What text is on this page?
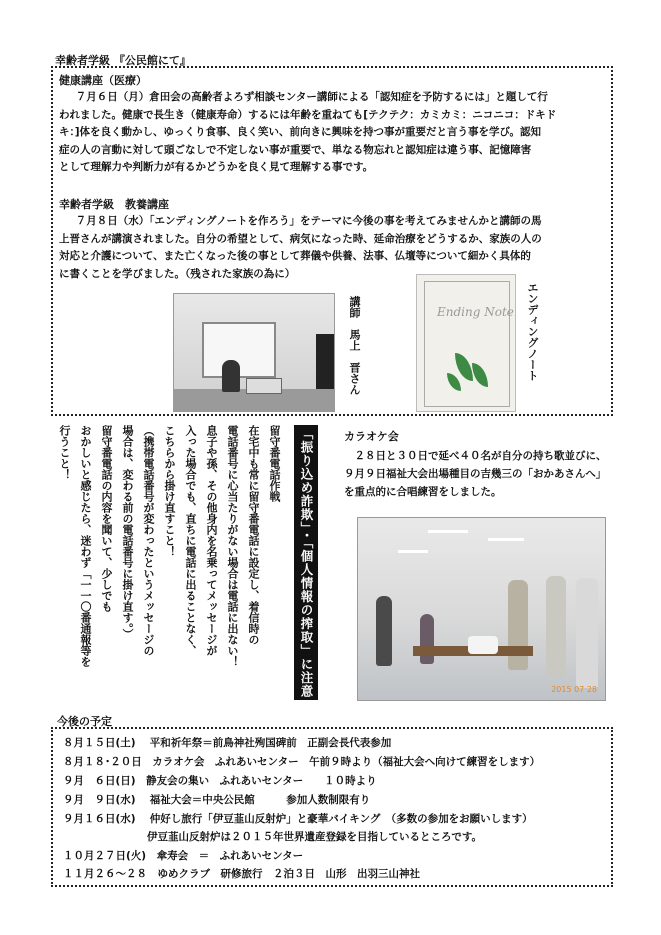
幸齢者学級 『公民館にて』
健康講座（医療）
７月６日（月）倉田会の高齢者よろず相談センター講師による「認知症を予防するには」と題して行
われました。健康で長生き（健康寿命）するには年齢を重ねても[テクテク：カミカミ：ニコニコ：ドキド
キ：]体を良く動かし、ゆっくり食事、良く笑い、前向きに興味を持つ事が重要だと言う事を学び。認知
症の人の言動に対して頭ごなしで不定しない事が重要で、単なる物忘れと認知症は違う事、記憶障害
として理解力や判断力が有るかどうかを良く見て理解する事です。
幸齢者学級　教養講座
７月８日（水）「エンディングノートを作ろう」をテーマに今後の事を考えてみませんかと講師の馬
上晋さんが講演されました。自分の希望として、病気になった時、延命治療をどうするか、家族の人の
対応と介護について、また亡くなった後の事として葬儀や供養、法事、仏壇等について細かく具体的
に書くことを学びました。（残された家族の為に）
講師　馬上　晋さん	Ending Note	エンディングノート
「振り込め詐欺」・「個人情報の搾取」に注意
留守番電話作戦
在宅中も常に留守番電話に設定し、着信時の
電話番号に心当たりがない場合は電話に出ない！
息子や孫、その他身内を名乗ってメッセージが
入った場合でも、直ちに電話に出ることなく、
こちらから掛け直すこと！
（携帯電話番号が変わったというメッセージの
場合は、変わる前の電話番号に掛け直す。）
留守番電話の内容を聞いて、少しでも
おかしいと感じたら、迷わず「一一〇番通報等を
行うこと！	カラオケ会
２８日と３０日で延べ４０名が自分の持ち歌並びに、９月９日福祉大会出場種目の吉幾三の「おかあさんへ」を重点的に合唱練習をしました。
2015 07 28
今後の予定
８月１５日(土)　 平和祈年祭＝前鳥神社殉国碑前　正副会長代表参加
８月１８･２０日　カラオケ会　ふれあいセンター　午前９時より（福祉大会へ向けて練習をします）
９月　６日(日)　静友会の集い　ふれあいセンター　　１０時より
９月　９日(水)　 福祉大会＝中央公民館　　　参加人数制限有り
９月１６日(水)　 仲好し旅行「伊豆韮山反射炉」と豪華バイキング　（多数の参加をお願いします）
　　　　　　　　伊豆韮山反射炉は２０１５年世界遺産登録を目指しているところです。
１０月２７日(火)　傘寿会　＝　ふれあいセンター
１１月２６～２８　ゆめクラブ　研修旅行　２泊３日　山形　出羽三山神社
